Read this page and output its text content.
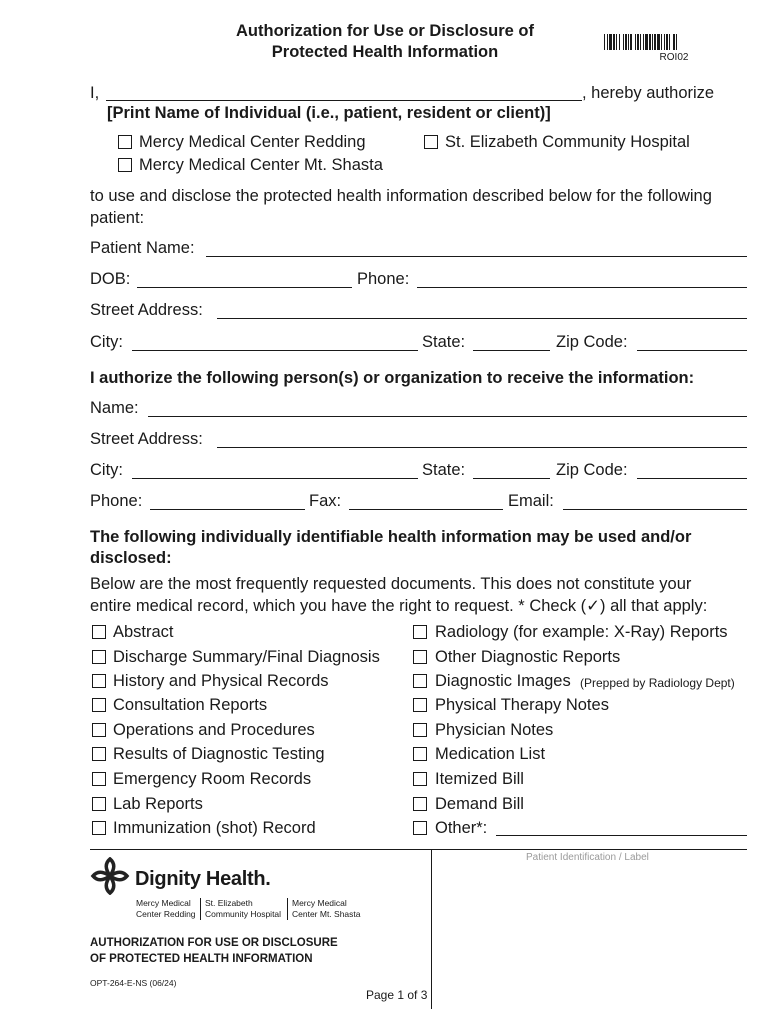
Authorization for Use or Disclosure of
Protected Health Information	ROI02
I,	, hereby authorize
[Print Name of Individual (i.e., patient, resident or client)]
Mercy Medical Center Redding	St. Elizabeth Community Hospital
Mercy Medical Center Mt. Shasta
to use and disclose the protected health information described below for the following
patient:
Patient Name:
DOB:	Phone:
Street Address:
City:	State:	Zip Code:
I authorize the following person(s) or organization to receive the information:
Name:
Street Address:
City:	State:	Zip Code:
Phone:	Fax:	Email:
The following individually identifiable health information may be used and/or
disclosed:
Below are the most frequently requested documents. This does not constitute your
entire medical record, which you have the right to request. * Check (✓) all that apply:
Abstract
Discharge Summary/Final Diagnosis
History and Physical Records
Consultation Reports
Operations and Procedures
Results of Diagnostic Testing
Emergency Room Records
Lab Reports
Immunization (shot) Record
Radiology (for example: X-Ray) Reports
Other Diagnostic Reports
Diagnostic Images (Prepped by Radiology Dept)
Physical Therapy Notes
Physician Notes
Medication List
Itemized Bill
Demand Bill
Other*:
Patient Identification / Label
Dignity Health.
Mercy Medical
Center Redding
St. Elizabeth
Community Hospital
Mercy Medical
Center Mt. Shasta
AUTHORIZATION FOR USE OR DISCLOSURE
OF PROTECTED HEALTH INFORMATION
OPT-264-E-NS (06/24)
Page 1 of 3
